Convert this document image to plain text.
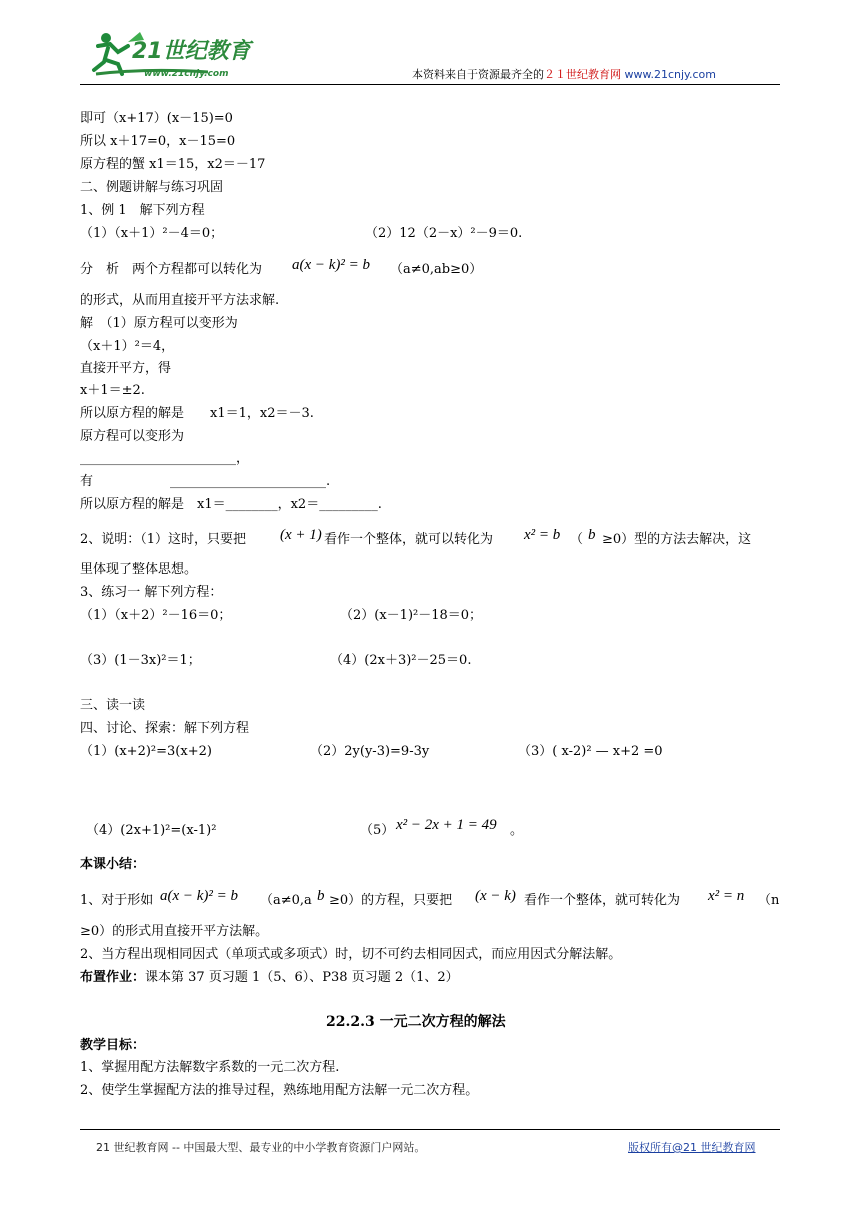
21世纪教育
www.21cnjy.com	本资料来自于资源最齐全的２１世纪教育网 www.21cnjy.com
即可（x+17）(x－15)=0
所以 x＋17=0，x－15=0
原方程的蟹 x1＝15，x2＝－17
二、例题讲解与练习巩固
1、例 1　解下列方程
（1）（x＋1）²－4＝0；	（2）12（2－x）²－9＝0.
分　析　两个方程都可以转化为 a(x − k)² = b （a≠0,ab≥0）
的形式，从而用直接开平方法求解.
解　（1）原方程可以变形为
（x＋1）²＝4，
直接开平方，得
x＋1＝±2.
所以原方程的解是　　x1＝1，x2＝－3.
原方程可以变形为
________________________，
有	________________________.
所以原方程的解是　x1＝________，x2＝_________.
2、说明：（1）这时，只要把 (x + 1) 看作一个整体，就可以转化为 x² = b （ b ≥0）型的方法去解决，这
里体现了整体思想。
3、练习一 解下列方程：
（1）（x＋2）²－16＝0；	（2）(x－1)²－18＝0；
（3）(1－3x)²＝1；	（4）(2x＋3)²－25＝0.
三、读一读
四、讨论、探索：解下列方程
（1）(x+2)²=3(x+2)	（2）2y(y-3)=9-3y	（3）( x-2)² — x+2 =0
（4）(2x+1)²=(x-1)²	（5） x² − 2x + 1 = 49 。
本课小结：
1、对于形如 a(x − k)² = b （a≠0,a b ≥0）的方程，只要把 (x − k) 看作一个整体，就可转化为 x² = n （n
≥0）的形式用直接开平方法解。
2、当方程出现相同因式（单项式或多项式）时，切不可约去相同因式，而应用因式分解法解。
布置作业：课本第 37 页习题 1（5、6）、P38 页习题 2（1、2）
22.2.3 一元二次方程的解法
教学目标：
1、掌握用配方法解数字系数的一元二次方程.
2、使学生掌握配方法的推导过程，熟练地用配方法解一元二次方程。
21 世纪教育网 -- 中国最大型、最专业的中小学教育资源门户网站。	版权所有@21 世纪教育网
